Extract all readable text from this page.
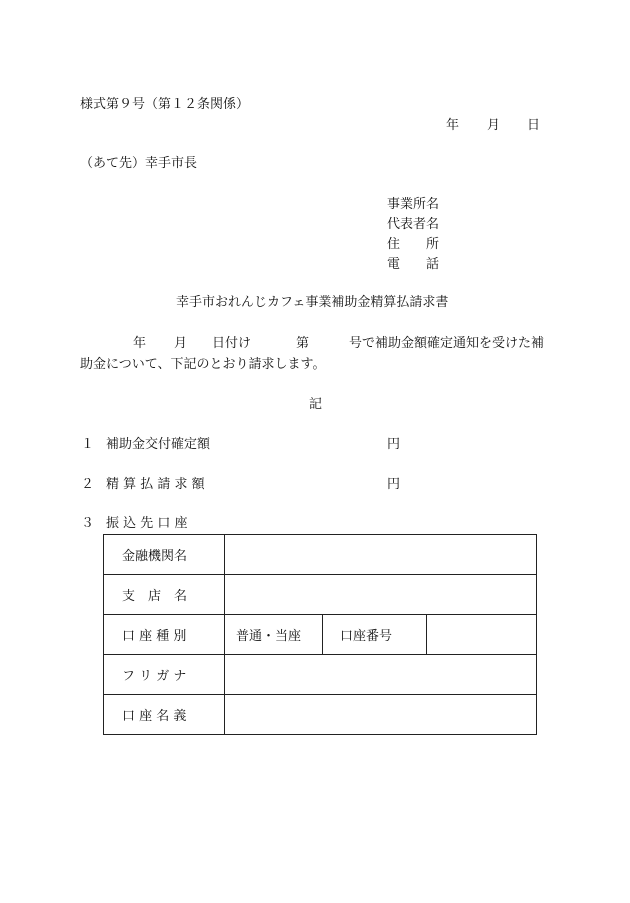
様式第９号（第１２条関係）
年 月 日
（あて先）幸手市長
事業所名
代表者名
住　　所
電　　話
幸手市おれんじカフェ事業補助金精算払請求書
年 月 日付け	第	号で補助金額確定通知を受けた補
助金について、下記のとおり請求します。
記
１ 補助金交付確定額	円
２ 精 算 払 請 求 額	円
３ 振 込 先 口 座
金融機関名			
支　店　名			
口 座 種 別	普通・当座	口座番号	
フ リ ガ ナ			
口 座 名 義			
